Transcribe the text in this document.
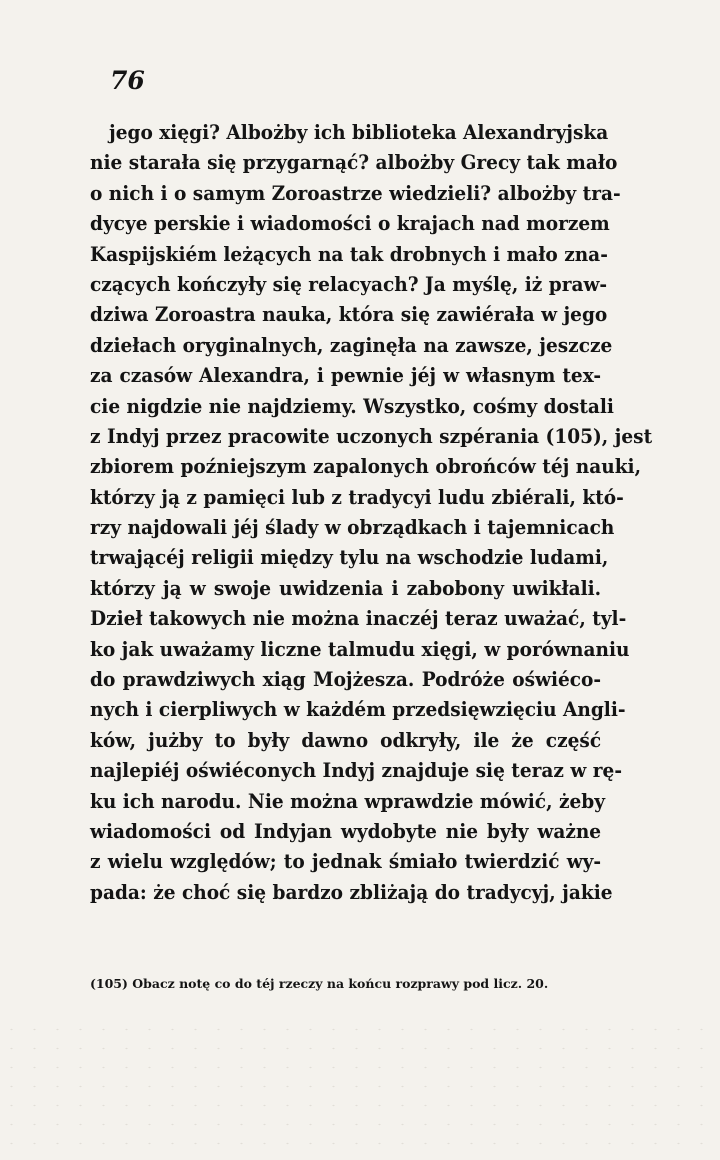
76
jego xięgi? Albożby ich biblioteka Alexandryjska
nie starała się przygarnąć? albożby Grecy tak mało
o nich i o samym Zoroastrze wiedzieli? albożby tra-
dycye perskie i wiadomości o krajach nad morzem
Kaspijskiém leżących na tak drobnych i mało zna-
czących kończyły się relacyach? Ja myślę, iż praw-
dziwa Zoroastra nauka, która się zawiérała w jego
dziełach oryginalnych, zaginęła na zawsze, jeszcze
za czasów Alexandra, i pewnie jéj w własnym tex-
cie nigdzie nie najdziemy. Wszystko, cośmy dostali
z Indyj przez pracowite uczonych szpérania (105), jest
zbiorem poźniejszym zapalonych obrońców téj nauki,
którzy ją z pamięci lub z tradycyi ludu zbiérali, któ-
rzy najdowali jéj ślady w obrządkach i tajemnicach
trwającéj religii między tylu na wschodzie ludami,
którzy ją w swoje uwidzenia i zabobony uwikłali.
Dzieł takowych nie można inaczéj teraz uważać, tyl-
ko jak uważamy liczne talmudu xięgi, w porównaniu
do prawdziwych xiąg Mojżesza. Podróże oświéco-
nych i cierpliwych w każdém przedsięwzięciu Angli-
ków, jużby to były dawno odkryły, ile że część
najlepiéj oświéconych Indyj znajduje się teraz w rę-
ku ich narodu. Nie można wprawdzie mówić, żeby
wiadomości od Indyjan wydobyte nie były ważne
z wielu względów; to jednak śmiało twierdzić wy-
pada: że choć się bardzo zbliżają do tradycyj, jakie
(105) Obacz notę co do téj rzeczy na końcu rozprawy pod licz. 20.
